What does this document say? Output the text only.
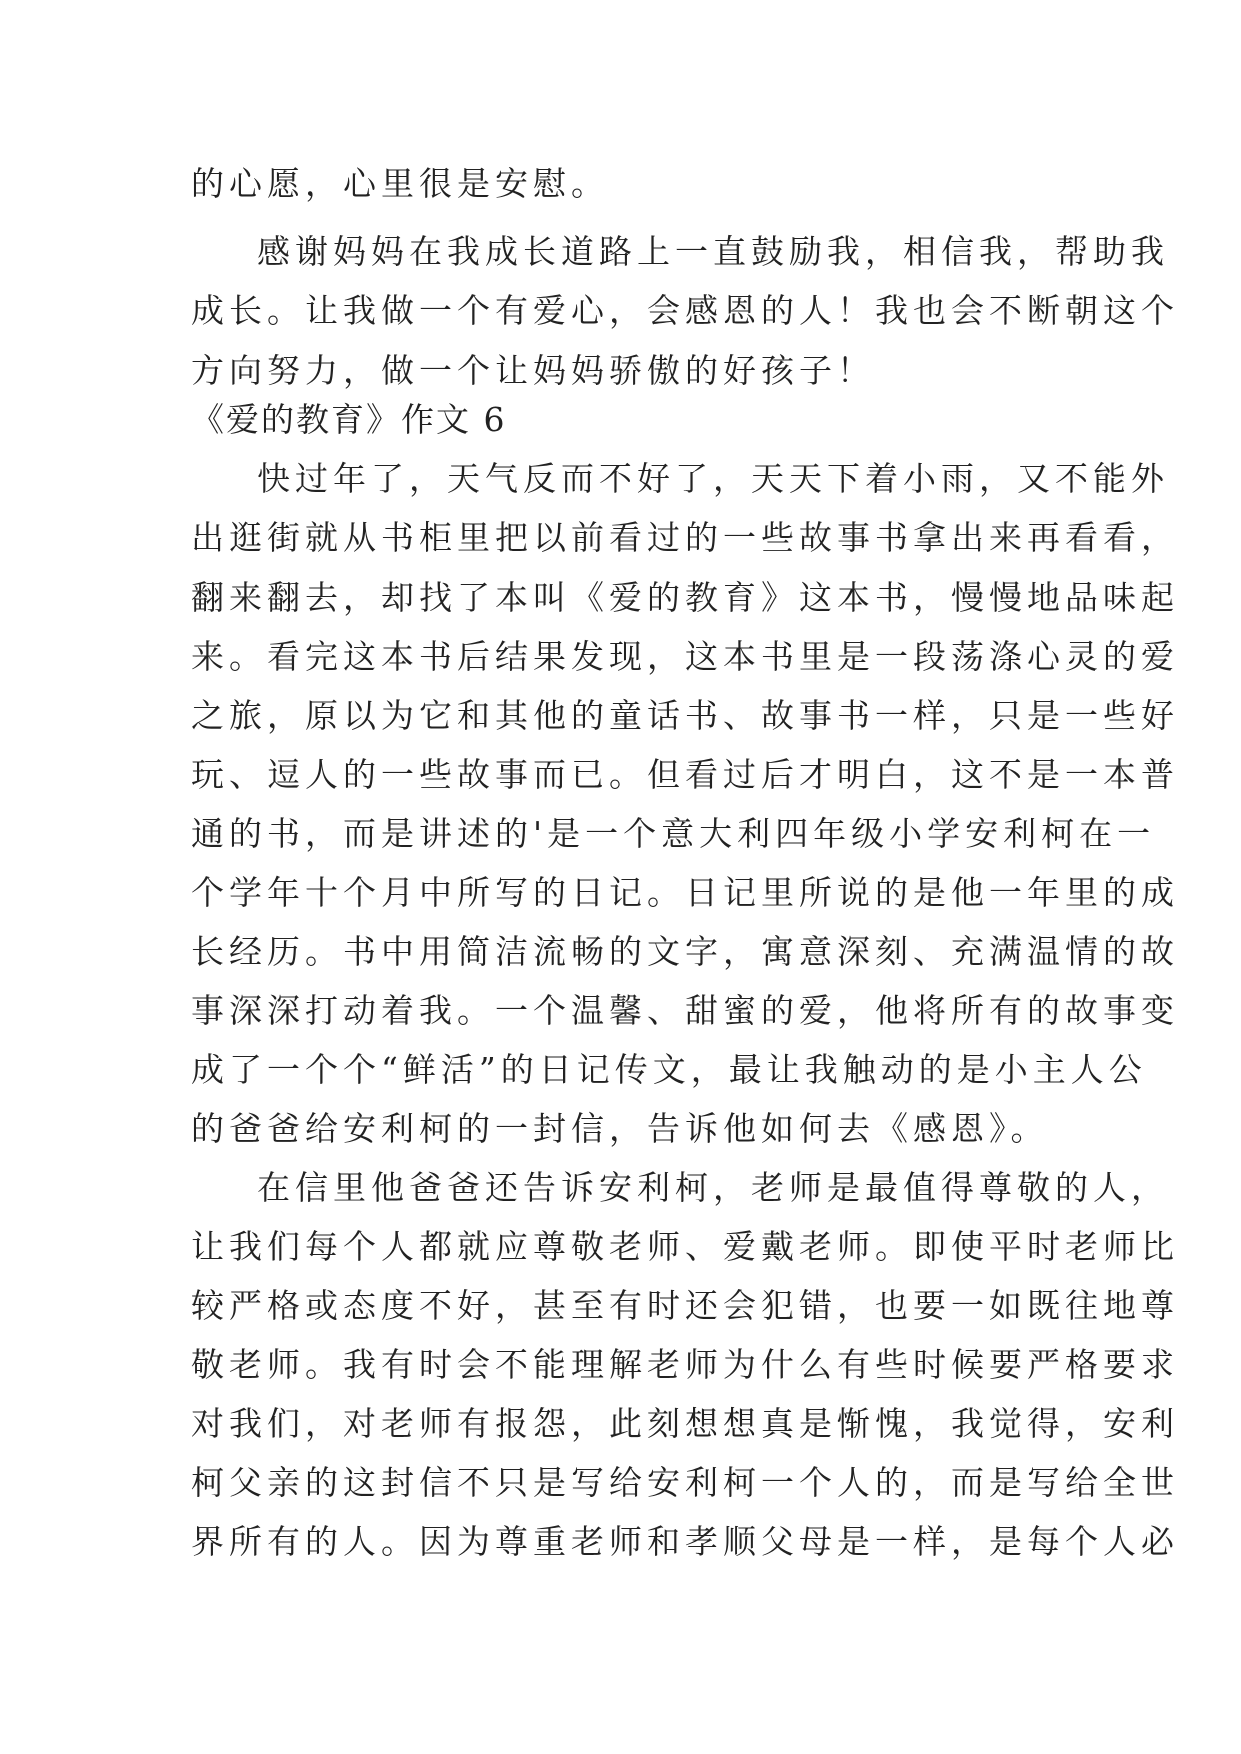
的心愿，心里很是安慰。
感谢妈妈在我成长道路上一直鼓励我，相信我，帮助我
成长。让我做一个有爱心，会感恩的人！我也会不断朝这个
方向努力，做一个让妈妈骄傲的好孩子！
《爱的教育》作文 6
快过年了，天气反而不好了，天天下着小雨，又不能外
出逛街就从书柜里把以前看过的一些故事书拿出来再看看，
翻来翻去，却找了本叫《爱的教育》这本书，慢慢地品味起
来。看完这本书后结果发现，这本书里是一段荡涤心灵的爱
之旅，原以为它和其他的童话书、故事书一样，只是一些好
玩、逗人的一些故事而已。但看过后才明白，这不是一本普
通的书，而是讲述的'是一个意大利四年级小学安利柯在一
个学年十个月中所写的日记。日记里所说的是他一年里的成
长经历。书中用简洁流畅的文字，寓意深刻、充满温情的故
事深深打动着我。一个温馨、甜蜜的爱，他将所有的故事变
成了一个个“鲜活”的日记传文，最让我触动的是小主人公
的爸爸给安利柯的一封信，告诉他如何去《感恩》。
在信里他爸爸还告诉安利柯，老师是最值得尊敬的人，
让我们每个人都就应尊敬老师、爱戴老师。即使平时老师比
较严格或态度不好，甚至有时还会犯错，也要一如既往地尊
敬老师。我有时会不能理解老师为什么有些时候要严格要求
对我们，对老师有报怨，此刻想想真是惭愧，我觉得，安利
柯父亲的这封信不只是写给安利柯一个人的，而是写给全世
界所有的人。因为尊重老师和孝顺父母是一样，是每个人必
